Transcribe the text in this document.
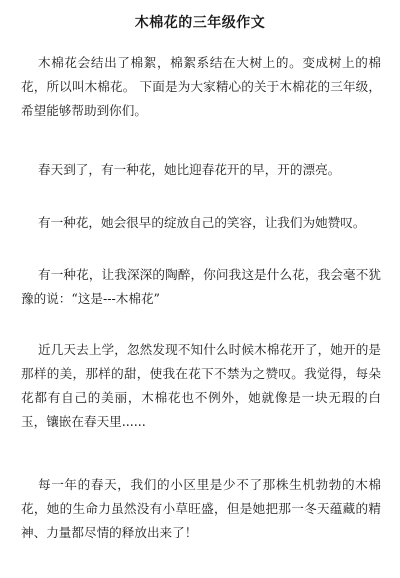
木棉花的三年级作文

木棉花会结出了棉絮，棉絮系结在大树上的。变成树上的棉花，所以叫木棉花。 下面是为大家精心的关于木棉花的三年级，希望能够帮助到你们。

春天到了，有一种花，她比迎春花开的早，开的漂亮。

有一种花，她会很早的绽放自己的笑容，让我们为她赞叹。

有一种花，让我深深的陶醉，你问我这是什么花，我会毫不犹豫的说：“这是---木棉花”

近几天去上学，忽然发现不知什么时候木棉花开了，她开的是那样的美，那样的甜，使我在花下不禁为之赞叹。我觉得，每朵花都有自己的美丽，木棉花也不例外，她就像是一块无瑕的白玉，镶嵌在春天里......

每一年的春天，我们的小区里是少不了那株生机勃勃的木棉花，她的生命力虽然没有小草旺盛，但是她把那一冬天蕴藏的精神、力量都尽情的释放出来了！
